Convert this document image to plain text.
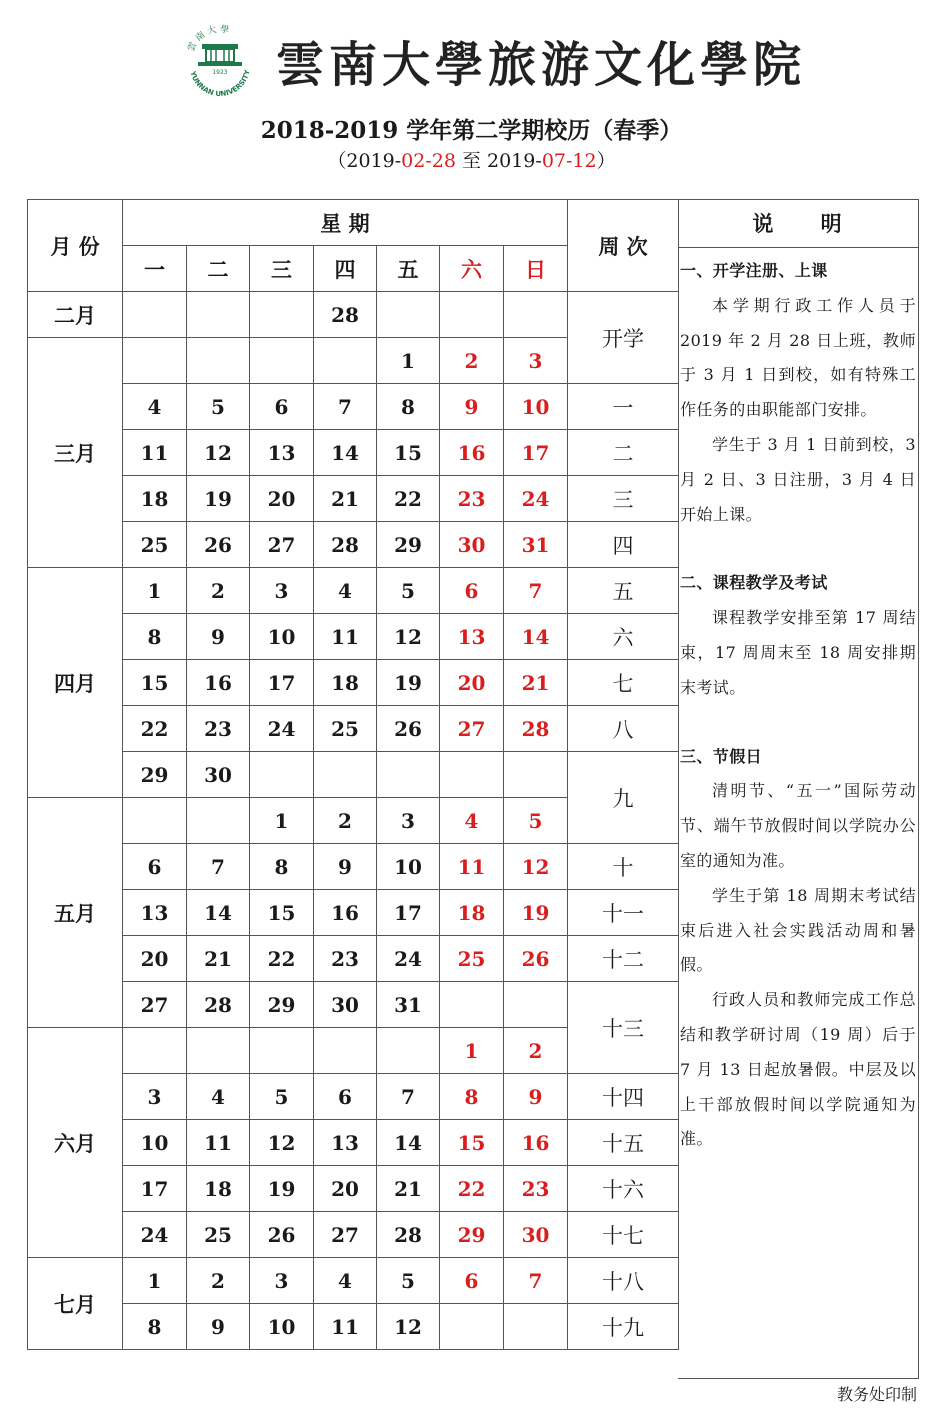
雲 南 大 學
1923
YUNNAN UNIVERSITY 雲南大學旅游文化學院
2018-2019 学年第二学期校历（春季）
（2019-02-28 至 2019-07-12）
月 份	星 期							周 次
	一	二	三	四	五	六	日	
二月				28				开学
三月					1	2	3	
	4	5	6	7	8	9	10	一
	11	12	13	14	15	16	17	二
	18	19	20	21	22	23	24	三
	25	26	27	28	29	30	31	四
四月	1	2	3	4	5	6	7	五
	8	9	10	11	12	13	14	六
	15	16	17	18	19	20	21	七
	22	23	24	25	26	27	28	八
	29	30						九
五月			1	2	3	4	5	
	6	7	8	9	10	11	12	十
	13	14	15	16	17	18	19	十一
	20	21	22	23	24	25	26	十二
	27	28	29	30	31			十三
六月						1	2	
	3	4	5	6	7	8	9	十四
	10	11	12	13	14	15	16	十五
	17	18	19	20	21	22	23	十六
	24	25	26	27	28	29	30	十七
七月	1	2	3	4	5	6	7	十八
	8	9	10	11	12			十九
说 明
一、开学注册、上课
本学期行政工作人员于 2019 年 2 月 28 日上班，教师于 3 月 1 日到校，如有特殊工作任务的由职能部门安排。
学生于 3 月 1 日前到校，3 月 2 日、3 日注册，3 月 4 日开始上课。
二、课程教学及考试
课程教学安排至第 17 周结束，17 周周末至 18 周安排期末考试。
三、节假日
清明节、“五一”国际劳动节、端午节放假时间以学院办公室的通知为准。
学生于第 18 周期末考试结束后进入社会实践活动周和暑假。
行政人员和教师完成工作总结和教学研讨周（19 周）后于 7 月 13 日起放暑假。中层及以上干部放假时间以学院通知为准。
教务处印制
